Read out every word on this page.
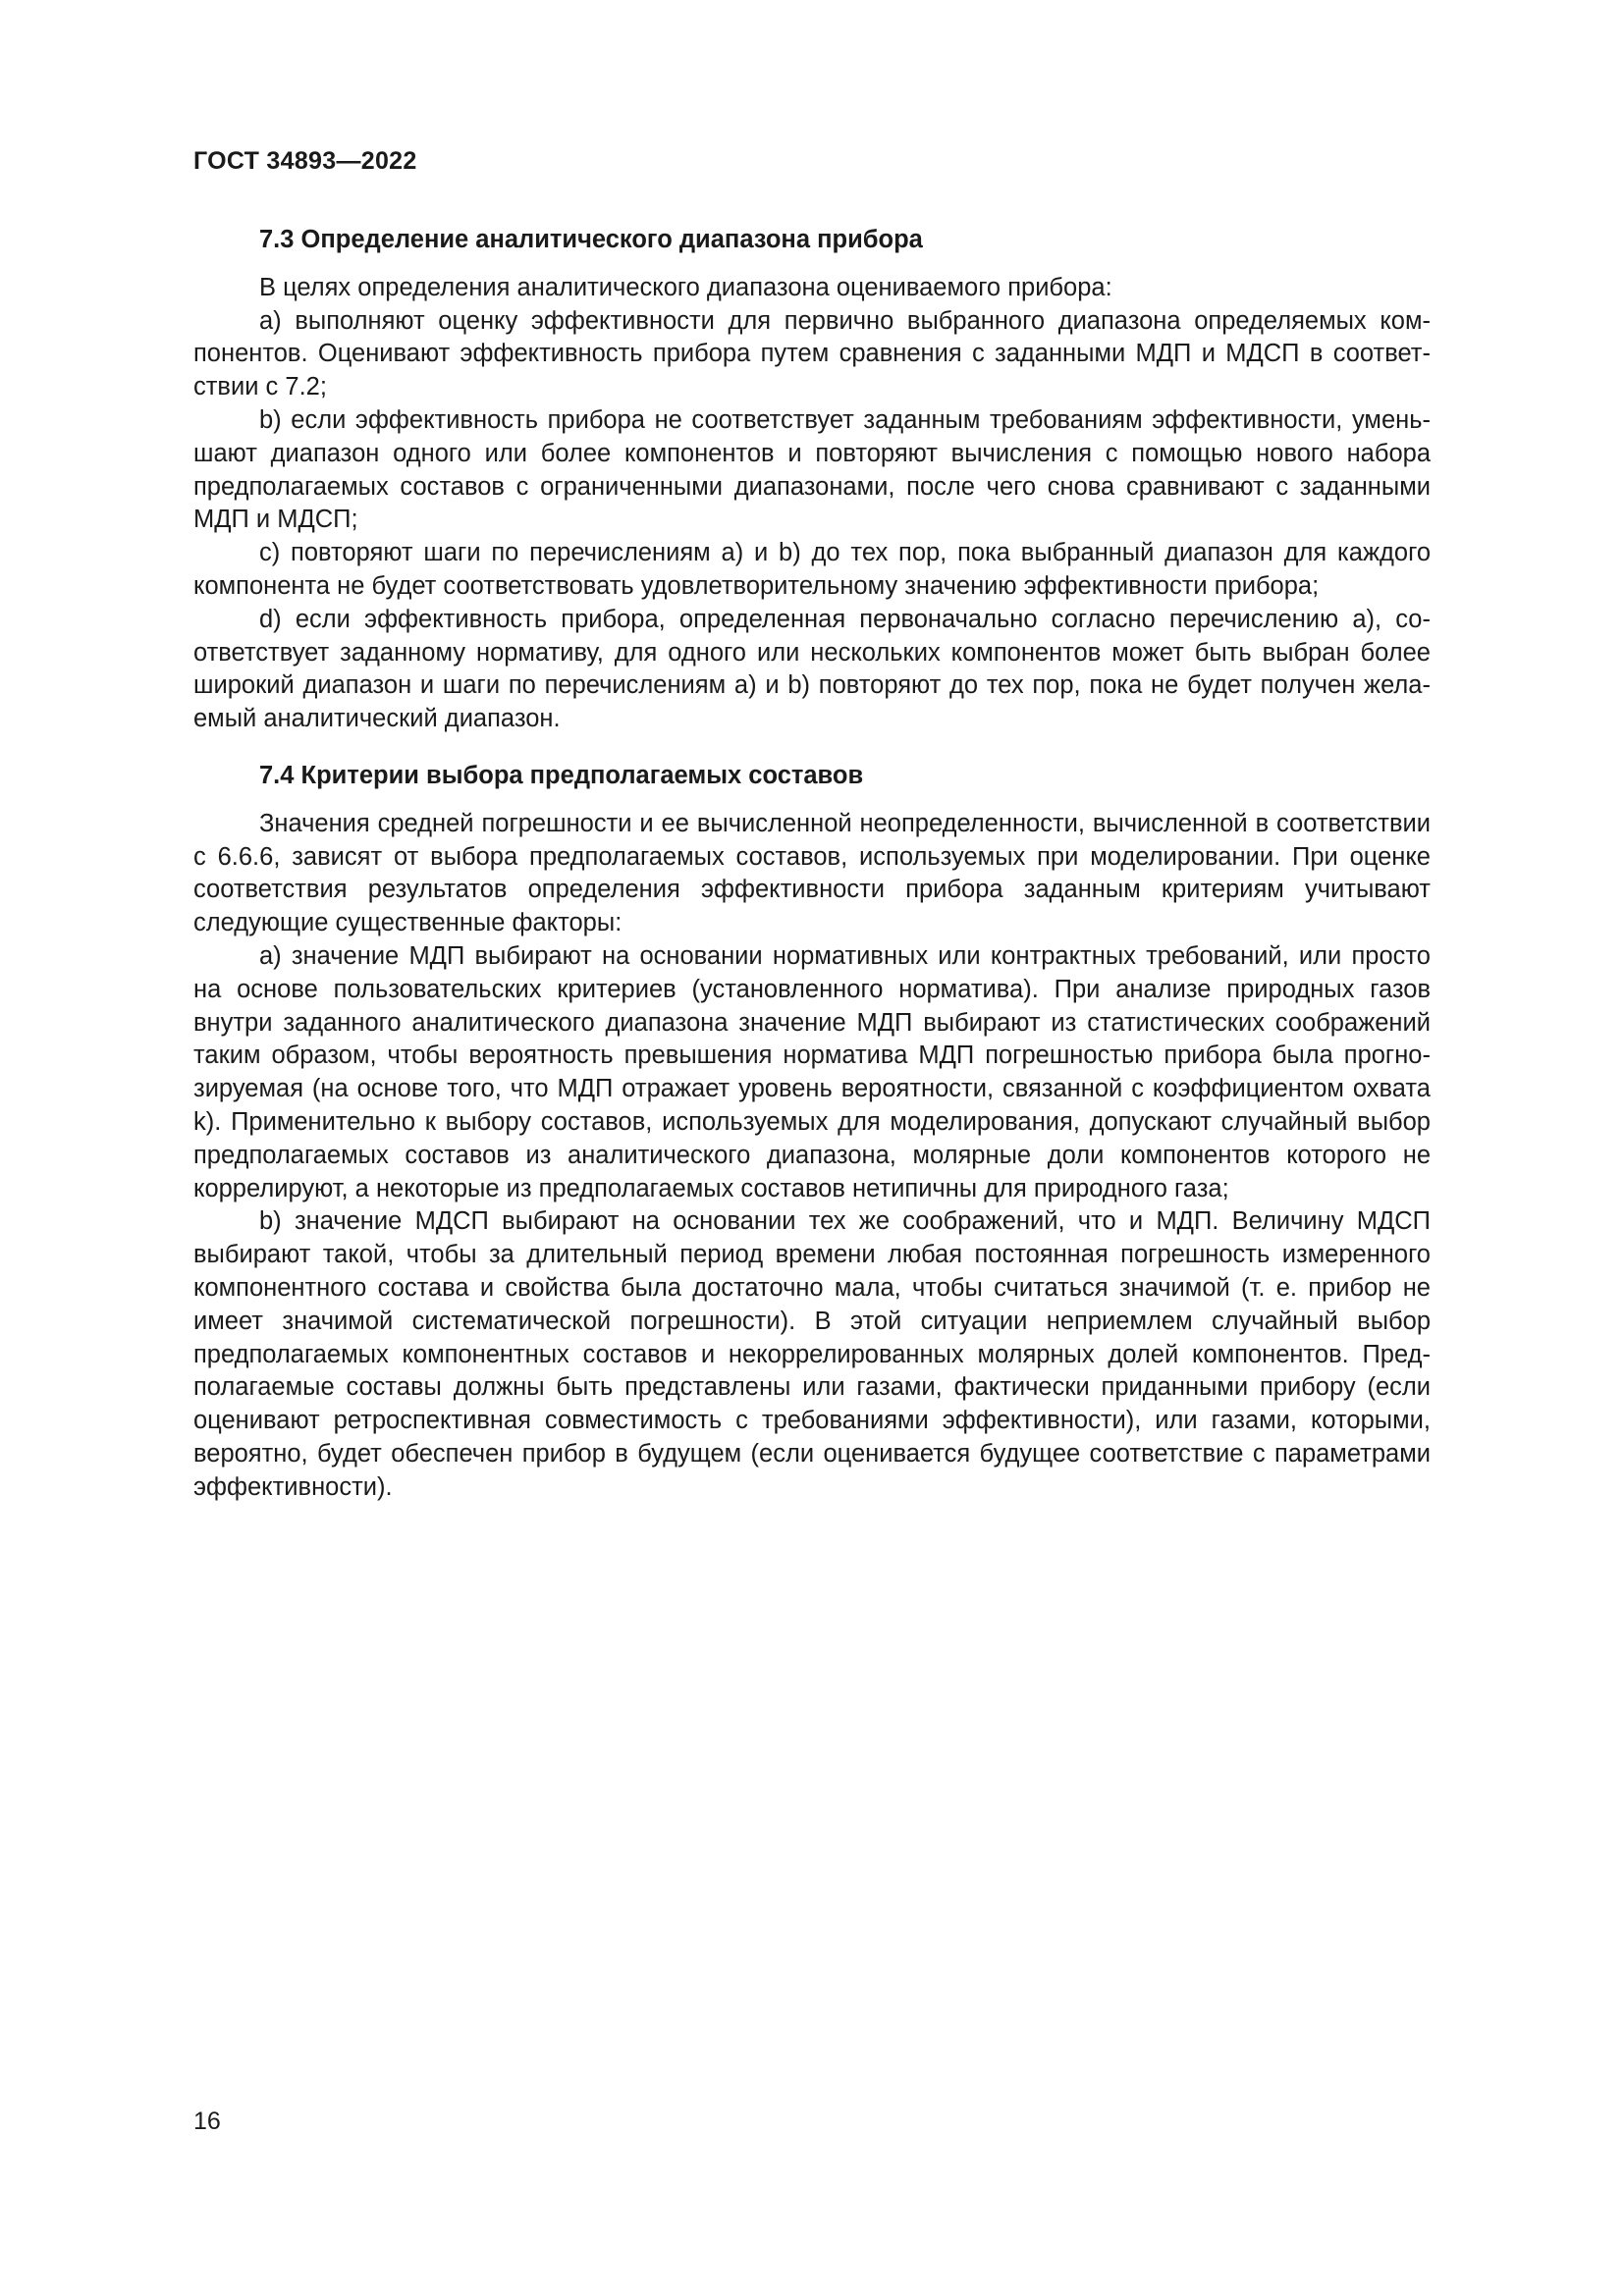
ГОСТ 34893—2022
7.3 Определение аналитического диапазона прибора

В целях определения аналитического диапазона оцениваемого прибора:

a) выполняют оценку эффективности для первично выбранного диапазона определяемых компонентов. Оценивают эффективность прибора путем сравнения с заданными МДП и МДСП в соответствии с 7.2;

b) если эффективность прибора не соответствует заданным требованиям эффективности, уменьшают диапазон одного или более компонентов и повторяют вычисления с помощью нового набора предполагаемых составов с ограниченными диапазонами, после чего снова сравнивают с заданными МДП и МДСП;

c) повторяют шаги по перечислениям a) и b) до тех пор, пока выбранный диапазон для каждого компонента не будет соответствовать удовлетворительному значению эффективности прибора;

d) если эффективность прибора, определенная первоначально согласно перечислению a), соответствует заданному нормативу, для одного или нескольких компонентов может быть выбран более широкий диапазон и шаги по перечислениям a) и b) повторяют до тех пор, пока не будет получен желаемый аналитический диапазон.

7.4 Критерии выбора предполагаемых составов

Значения средней погрешности и ее вычисленной неопределенности, вычисленной в соответствии с 6.6.6, зависят от выбора предполагаемых составов, используемых при моделировании. При оценке соответствия результатов определения эффективности прибора заданным критериям учитывают следующие существенные факторы:

a) значение МДП выбирают на основании нормативных или контрактных требований, или просто на основе пользовательских критериев (установленного норматива). При анализе природных газов внутри заданного аналитического диапазона значение МДП выбирают из статистических соображений таким образом, чтобы вероятность превышения норматива МДП погрешностью прибора была прогнозируемая (на основе того, что МДП отражает уровень вероятности, связанной с коэффициентом охвата k). Применительно к выбору составов, используемых для моделирования, допускают случайный выбор предполагаемых составов из аналитического диапазона, молярные доли компонентов которого не коррелируют, а некоторые из предполагаемых составов нетипичны для природного газа;

b) значение МДСП выбирают на основании тех же соображений, что и МДП. Величину МДСП выбирают такой, чтобы за длительный период времени любая постоянная погрешность измеренного компонентного состава и свойства была достаточно мала, чтобы считаться значимой (т. е. прибор не имеет значимой систематической погрешности). В этой ситуации неприемлем случайный выбор предполагаемых компонентных составов и некоррелированных молярных долей компонентов. Предполагаемые составы должны быть представлены или газами, фактически приданными прибору (если оценивают ретроспективная совместимость с требованиями эффективности), или газами, которыми, вероятно, будет обеспечен прибор в будущем (если оценивается будущее соответствие с параметрами эффективности).

16
